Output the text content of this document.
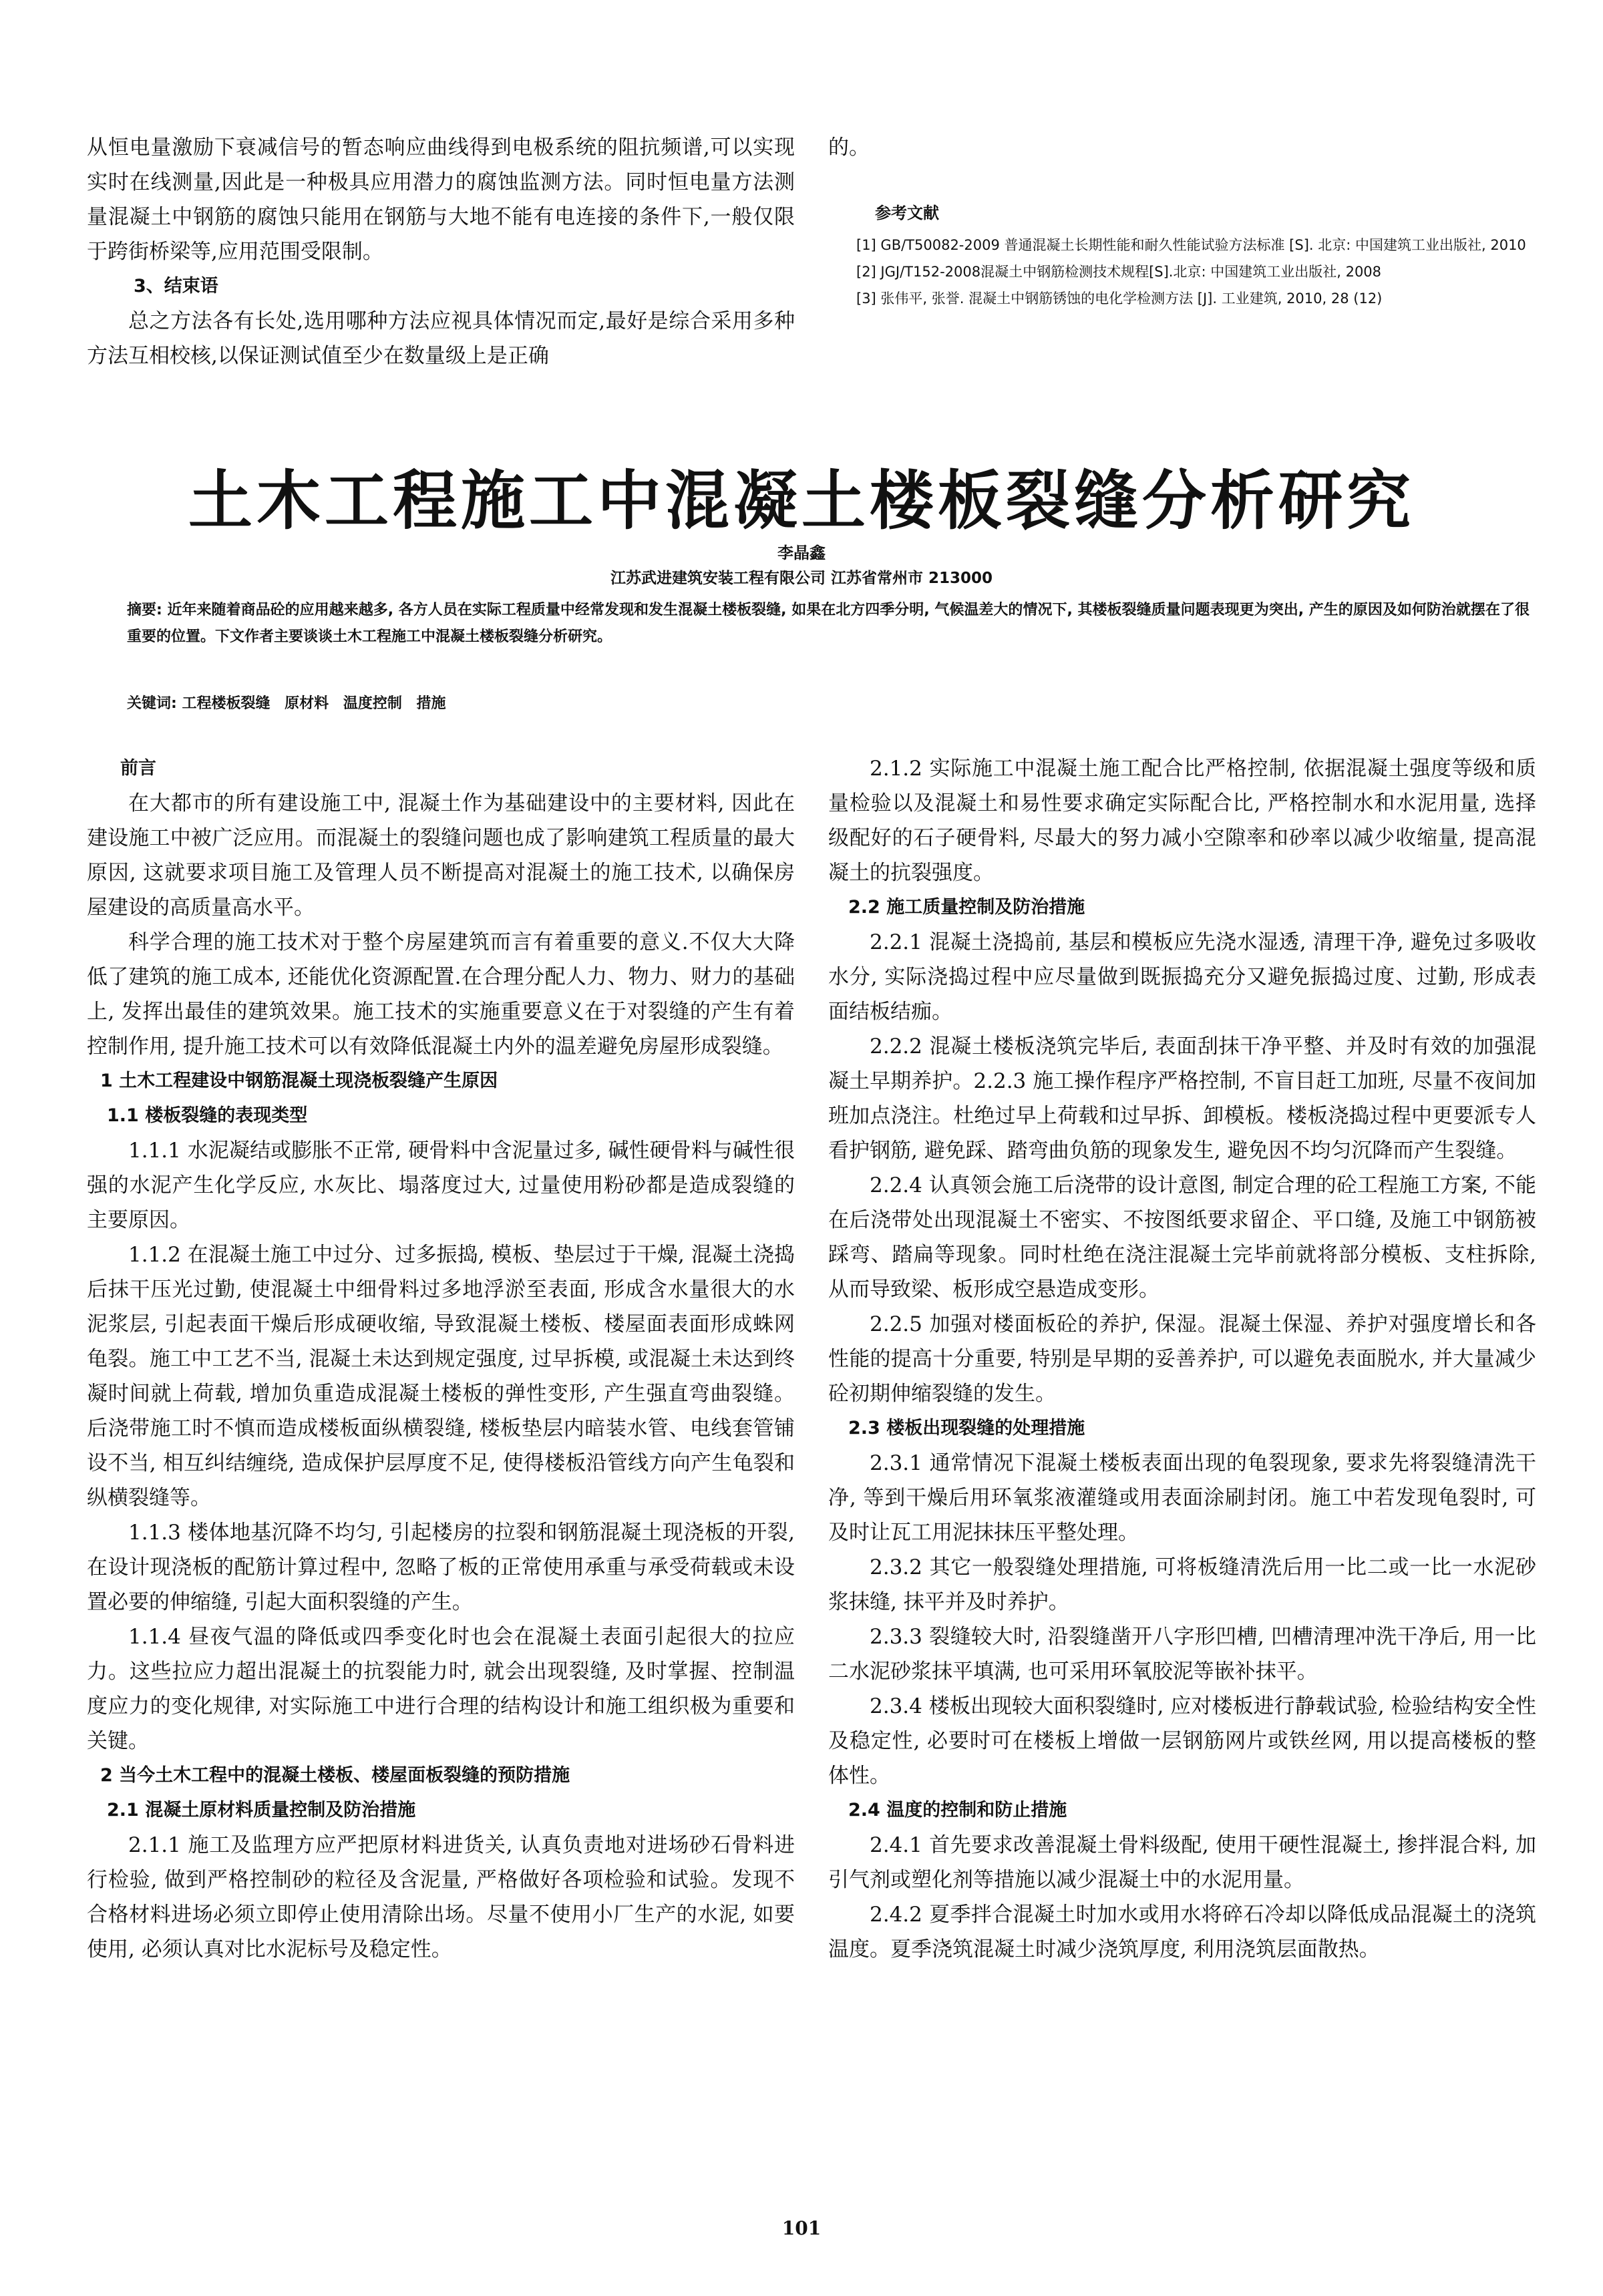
从恒电量激励下衰减信号的暂态响应曲线得到电极系统的阻抗频谱,可以实现实时在线测量,因此是一种极具应用潜力的腐蚀监测方法。同时恒电量方法测量混凝土中钢筋的腐蚀只能用在钢筋与大地不能有电连接的条件下,一般仅限于跨街桥梁等,应用范围受限制。

3、结束语

总之方法各有长处,选用哪种方法应视具体情况而定,最好是综合采用多种方法互相校核,以保证测试值至少在数量级上是正确

的。

参考文献

[1] GB/T50082-2009 普通混凝土长期性能和耐久性能试验方法标准 [S]. 北京: 中国建筑工业出版社, 2010

[2] JGJ/T152-2008混凝土中钢筋检测技术规程[S].北京: 中国建筑工业出版社, 2008

[3] 张伟平, 张誉. 混凝土中钢筋锈蚀的电化学检测方法 [J]. 工业建筑, 2010, 28 (12)

土木工程施工中混凝土楼板裂缝分析研究
李晶鑫
江苏武进建筑安装工程有限公司 江苏省常州市 213000
摘要: 近年来随着商品砼的应用越来越多, 各方人员在实际工程质量中经常发现和发生混凝土楼板裂缝, 如果在北方四季分明, 气候温差大的情况下, 其楼板裂缝质量问题表现更为突出, 产生的原因及如何防治就摆在了很重要的位置。下文作者主要谈谈土木工程施工中混凝土楼板裂缝分析研究。
关键词: 工程楼板裂缝 原材料 温度控制 措施

前言

在大都市的所有建设施工中, 混凝土作为基础建设中的主要材料, 因此在建设施工中被广泛应用。而混凝土的裂缝问题也成了影响建筑工程质量的最大原因, 这就要求项目施工及管理人员不断提高对混凝土的施工技术, 以确保房屋建设的高质量高水平。

科学合理的施工技术对于整个房屋建筑而言有着重要的意义.不仅大大降低了建筑的施工成本, 还能优化资源配置.在合理分配人力、物力、财力的基础上, 发挥出最佳的建筑效果。施工技术的实施重要意义在于对裂缝的产生有着控制作用, 提升施工技术可以有效降低混凝土内外的温差避免房屋形成裂缝。

1 土木工程建设中钢筋混凝土现浇板裂缝产生原因

1.1 楼板裂缝的表现类型

1.1.1 水泥凝结或膨胀不正常, 硬骨料中含泥量过多, 碱性硬骨料与碱性很强的水泥产生化学反应, 水灰比、塌落度过大, 过量使用粉砂都是造成裂缝的主要原因。

1.1.2 在混凝土施工中过分、过多振捣, 模板、垫层过于干燥, 混凝土浇捣后抹干压光过勤, 使混凝土中细骨料过多地浮淤至表面, 形成含水量很大的水泥浆层, 引起表面干燥后形成硬收缩, 导致混凝土楼板、楼屋面表面形成蛛网龟裂。施工中工艺不当, 混凝土未达到规定强度, 过早拆模, 或混凝土未达到终凝时间就上荷载, 增加负重造成混凝土楼板的弹性变形, 产生强直弯曲裂缝。后浇带施工时不慎而造成楼板面纵横裂缝, 楼板垫层内暗装水管、电线套管铺设不当, 相互纠结缠绕, 造成保护层厚度不足, 使得楼板沿管线方向产生龟裂和纵横裂缝等。

1.1.3 楼体地基沉降不均匀, 引起楼房的拉裂和钢筋混凝土现浇板的开裂, 在设计现浇板的配筋计算过程中, 忽略了板的正常使用承重与承受荷载或未设置必要的伸缩缝, 引起大面积裂缝的产生。

1.1.4 昼夜气温的降低或四季变化时也会在混凝土表面引起很大的拉应力。这些拉应力超出混凝土的抗裂能力时, 就会出现裂缝, 及时掌握、控制温度应力的变化规律, 对实际施工中进行合理的结构设计和施工组织极为重要和关键。

2 当今土木工程中的混凝土楼板、楼屋面板裂缝的预防措施

2.1 混凝土原材料质量控制及防治措施

2.1.1 施工及监理方应严把原材料进货关, 认真负责地对进场砂石骨料进行检验, 做到严格控制砂的粒径及含泥量, 严格做好各项检验和试验。发现不合格材料进场必须立即停止使用清除出场。尽量不使用小厂生产的水泥, 如要使用, 必须认真对比水泥标号及稳定性。

2.1.2 实际施工中混凝土施工配合比严格控制, 依据混凝土强度等级和质量检验以及混凝土和易性要求确定实际配合比, 严格控制水和水泥用量, 选择级配好的石子硬骨料, 尽最大的努力减小空隙率和砂率以减少收缩量, 提高混凝土的抗裂强度。

2.2 施工质量控制及防治措施

2.2.1 混凝土浇捣前, 基层和模板应先浇水湿透, 清理干净, 避免过多吸收水分, 实际浇捣过程中应尽量做到既振捣充分又避免振捣过度、过勤, 形成表面结板结痂。

2.2.2 混凝土楼板浇筑完毕后, 表面刮抹干净平整、并及时有效的加强混凝土早期养护。2.2.3 施工操作程序严格控制, 不盲目赶工加班, 尽量不夜间加班加点浇注。杜绝过早上荷载和过早拆、卸模板。楼板浇捣过程中更要派专人看护钢筋, 避免踩、踏弯曲负筋的现象发生, 避免因不均匀沉降而产生裂缝。

2.2.4 认真领会施工后浇带的设计意图, 制定合理的砼工程施工方案, 不能在后浇带处出现混凝土不密实、不按图纸要求留企、平口缝, 及施工中钢筋被踩弯、踏扁等现象。同时杜绝在浇注混凝土完毕前就将部分模板、支柱拆除, 从而导致梁、板形成空悬造成变形。

2.2.5 加强对楼面板砼的养护, 保湿。混凝土保湿、养护对强度增长和各性能的提高十分重要, 特别是早期的妥善养护, 可以避免表面脱水, 并大量减少砼初期伸缩裂缝的发生。

2.3 楼板出现裂缝的处理措施

2.3.1 通常情况下混凝土楼板表面出现的龟裂现象, 要求先将裂缝清洗干净, 等到干燥后用环氧浆液灌缝或用表面涂刷封闭。施工中若发现龟裂时, 可及时让瓦工用泥抹抹压平整处理。

2.3.2 其它一般裂缝处理措施, 可将板缝清洗后用一比二或一比一水泥砂浆抹缝, 抹平并及时养护。

2.3.3 裂缝较大时, 沿裂缝凿开八字形凹槽, 凹槽清理冲洗干净后, 用一比二水泥砂浆抹平填满, 也可采用环氧胶泥等嵌补抹平。

2.3.4 楼板出现较大面积裂缝时, 应对楼板进行静载试验, 检验结构安全性及稳定性, 必要时可在楼板上增做一层钢筋网片或铁丝网, 用以提高楼板的整体性。

2.4 温度的控制和防止措施

2.4.1 首先要求改善混凝土骨料级配, 使用干硬性混凝土, 掺拌混合料, 加引气剂或塑化剂等措施以减少混凝土中的水泥用量。

2.4.2 夏季拌合混凝土时加水或用水将碎石冷却以降低成品混凝土的浇筑温度。夏季浇筑混凝土时减少浇筑厚度, 利用浇筑层面散热。

101
